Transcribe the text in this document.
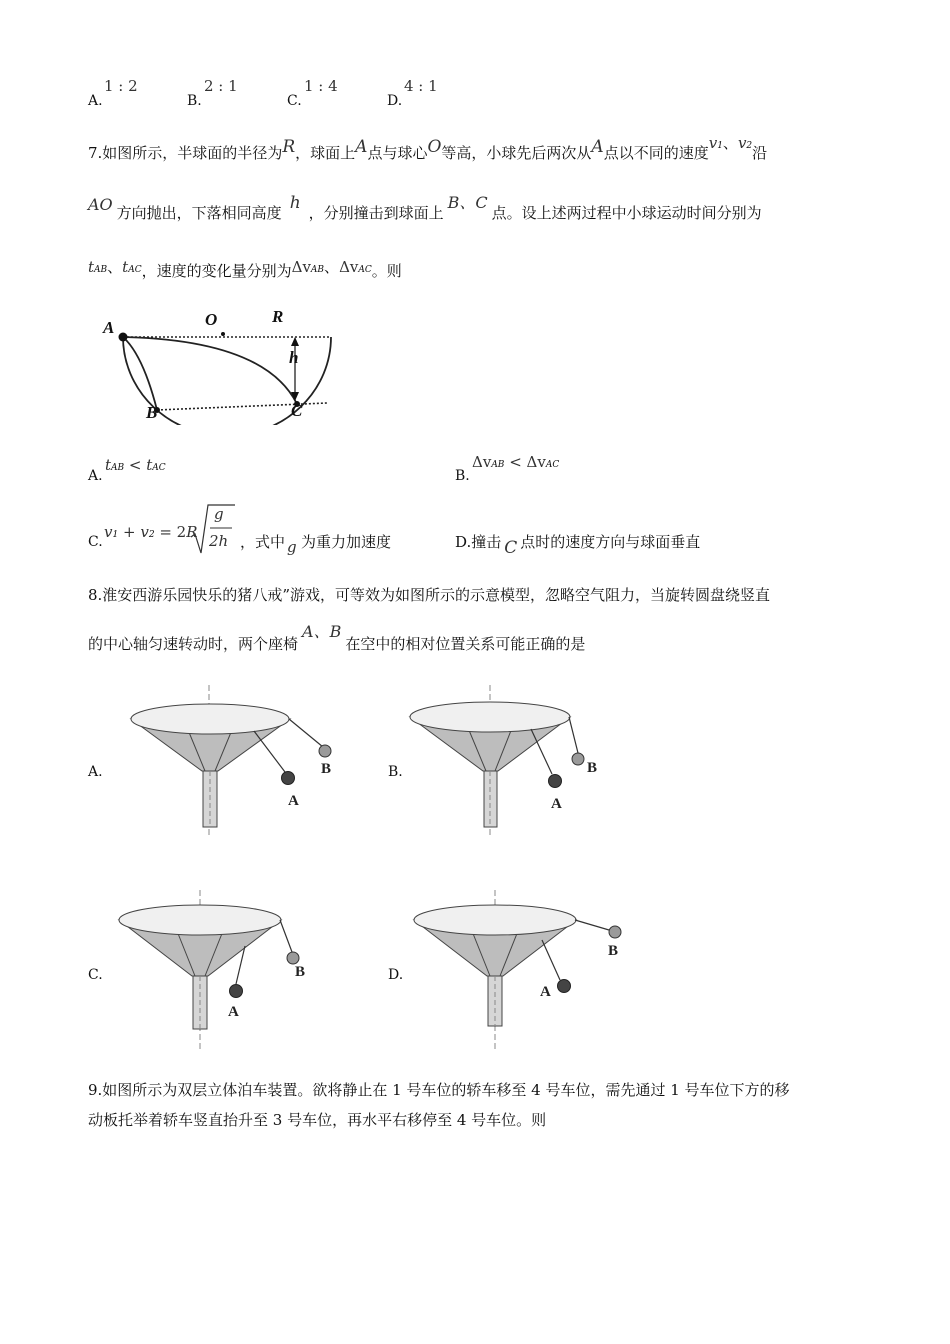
A.
1 : 2
B.
2 : 1
C.
1 : 4
D.
4 : 1
7.如图所示，半球面的半径为R，球面上A点与球心O等高，小球先后两次从A点以不同的速度v1、v2沿
AO 方向抛出，下落相同高度 h ，分别撞击到球面上B、C点。设上述两过程中小球运动时间分别为
tAB、tAC，速度的变化量分别为ΔvAB、ΔvAC。则
A	O	R
h
B	C
A.
tAB < tAC	B.
ΔvAB < ΔvAC
C.
v1 + v2 = 2R
g
2h ，式中 g 为重力加速度	D.撞击 C 点时的速度方向与球面垂直
8.淮安西游乐园快乐的猪八戒”游戏，可等效为如图所示的示意模型，忽略空气阻力，当旋转圆盘绕竖直
的中心轴匀速转动时，两个座椅A、B在空中的相对位置关系可能正确的是
A.	B
A
B.	B
A
C.	B
A
D.
B
A
9.如图所示为双层立体泊车装置。欲将静止在 1 号车位的轿车移至 4 号车位，需先通过 1 号车位下方的移
动板托举着轿车竖直抬升至 3 号车位，再水平右移停至 4 号车位。则
